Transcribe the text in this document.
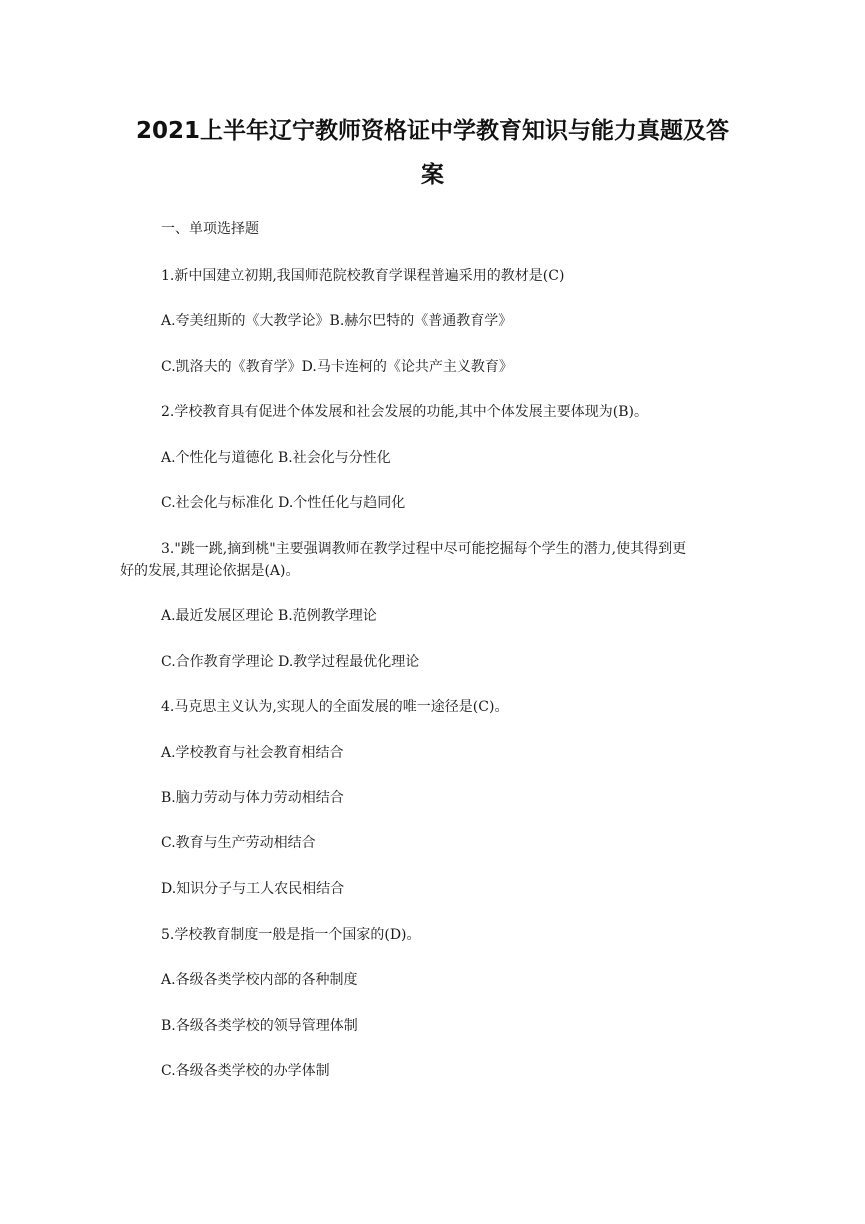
2021上半年辽宁教师资格证中学教育知识与能力真题及答
案
一、单项选择题
1.新中国建立初期,我国师范院校教育学课程普遍采用的教材是(C)
A.夸美纽斯的《大教学论》B.赫尔巴特的《普通教育学》
C.凯洛夫的《教育学》D.马卡连柯的《论共产主义教育》
2.学校教育具有促进个体发展和社会发展的功能,其中个体发展主要体现为(B)。
A.个性化与道德化 B.社会化与分性化
C.社会化与标准化 D.个性任化与趋同化
3."跳一跳,摘到桃"主要强调教师在教学过程中尽可能挖掘每个学生的潜力,使其得到更
好的发展,其理论依据是(A)。
A.最近发展区理论 B.范例教学理论
C.合作教育学理论 D.教学过程最优化理论
4.马克思主义认为,实现人的全面发展的唯一途径是(C)。
A.学校教育与社会教育相结合
B.脑力劳动与体力劳动相结合
C.教育与生产劳动相结合
D.知识分子与工人农民相结合
5.学校教育制度一般是指一个国家的(D)。
A.各级各类学校内部的各种制度
B.各级各类学校的领导管理体制
C.各级各类学校的办学体制
